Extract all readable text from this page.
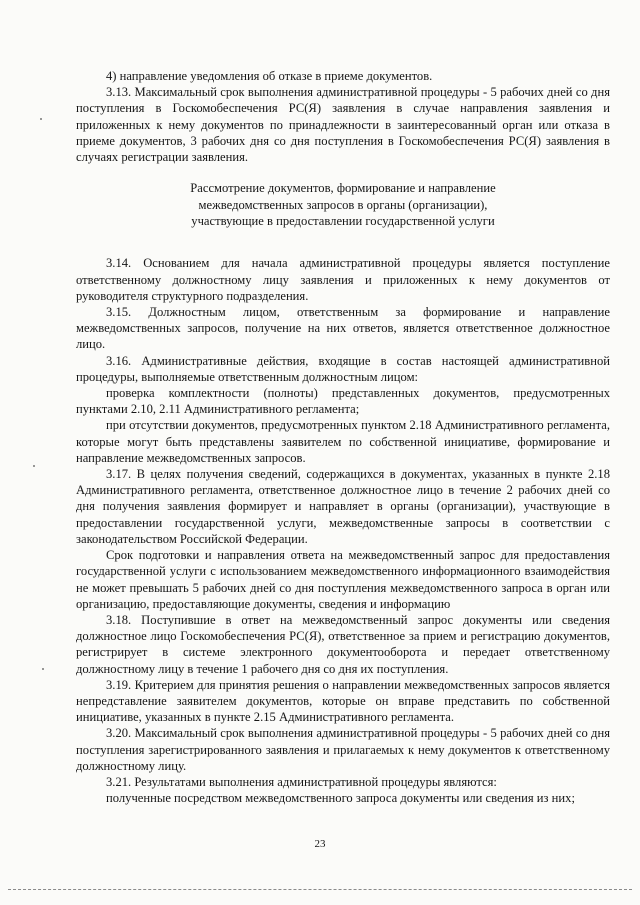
4) направление уведомления об отказе в приеме документов.

3.13. Максимальный срок выполнения административной процедуры - 5 рабочих дней со дня поступления в Госкомобеспечения РС(Я) заявления в случае направления заявления и приложенных к нему документов по принадлежности в заинтересованный орган или отказа в приеме документов, 3 рабочих дня со дня поступления в Госкомобеспечения РС(Я) заявления в случаях регистрации заявления.

Рассмотрение документов, формирование и направление
межведомственных запросов в органы (организации),
участвующие в предоставлении государственной услуги

3.14. Основанием для начала административной процедуры является поступление ответственному должностному лицу заявления и приложенных к нему документов от руководителя структурного подразделения.

3.15. Должностным лицом, ответственным за формирование и направление межведомственных запросов, получение на них ответов, является ответственное должностное лицо.

3.16. Административные действия, входящие в состав настоящей административной процедуры, выполняемые ответственным должностным лицом:

проверка комплектности (полноты) представленных документов, предусмотренных пунктами 2.10, 2.11 Административного регламента;

при отсутствии документов, предусмотренных пунктом 2.18 Административного регламента, которые могут быть представлены заявителем по собственной инициативе, формирование и направление межведомственных запросов.

3.17. В целях получения сведений, содержащихся в документах, указанных в пункте 2.18 Административного регламента, ответственное должностное лицо в течение 2 рабочих дней со дня получения заявления формирует и направляет в органы (организации), участвующие в предоставлении государственной услуги, межведомственные запросы в соответствии с законодательством Российской Федерации.

Срок подготовки и направления ответа на межведомственный запрос для предоставления государственной услуги с использованием межведомственного информационного взаимодействия не может превышать 5 рабочих дней со дня поступления межведомственного запроса в орган или организацию, предоставляющие документы, сведения и информацию

3.18. Поступившие в ответ на межведомственный запрос документы или сведения должностное лицо Госкомобеспечения РС(Я), ответственное за прием и регистрацию документов, регистрирует в системе электронного документооборота и передает ответственному должностному лицу в течение 1 рабочего дня со дня их поступления.

3.19. Критерием для принятия решения о направлении межведомственных запросов является непредставление заявителем документов, которые он вправе представить по собственной инициативе, указанных в пункте 2.15 Административного регламента.

3.20. Максимальный срок выполнения административной процедуры - 5 рабочих дней со дня поступления зарегистрированного заявления и прилагаемых к нему документов к ответственному должностному лицу.

3.21. Результатами выполнения административной процедуры являются:

полученные посредством межведомственного запроса документы или сведения из них;

23
